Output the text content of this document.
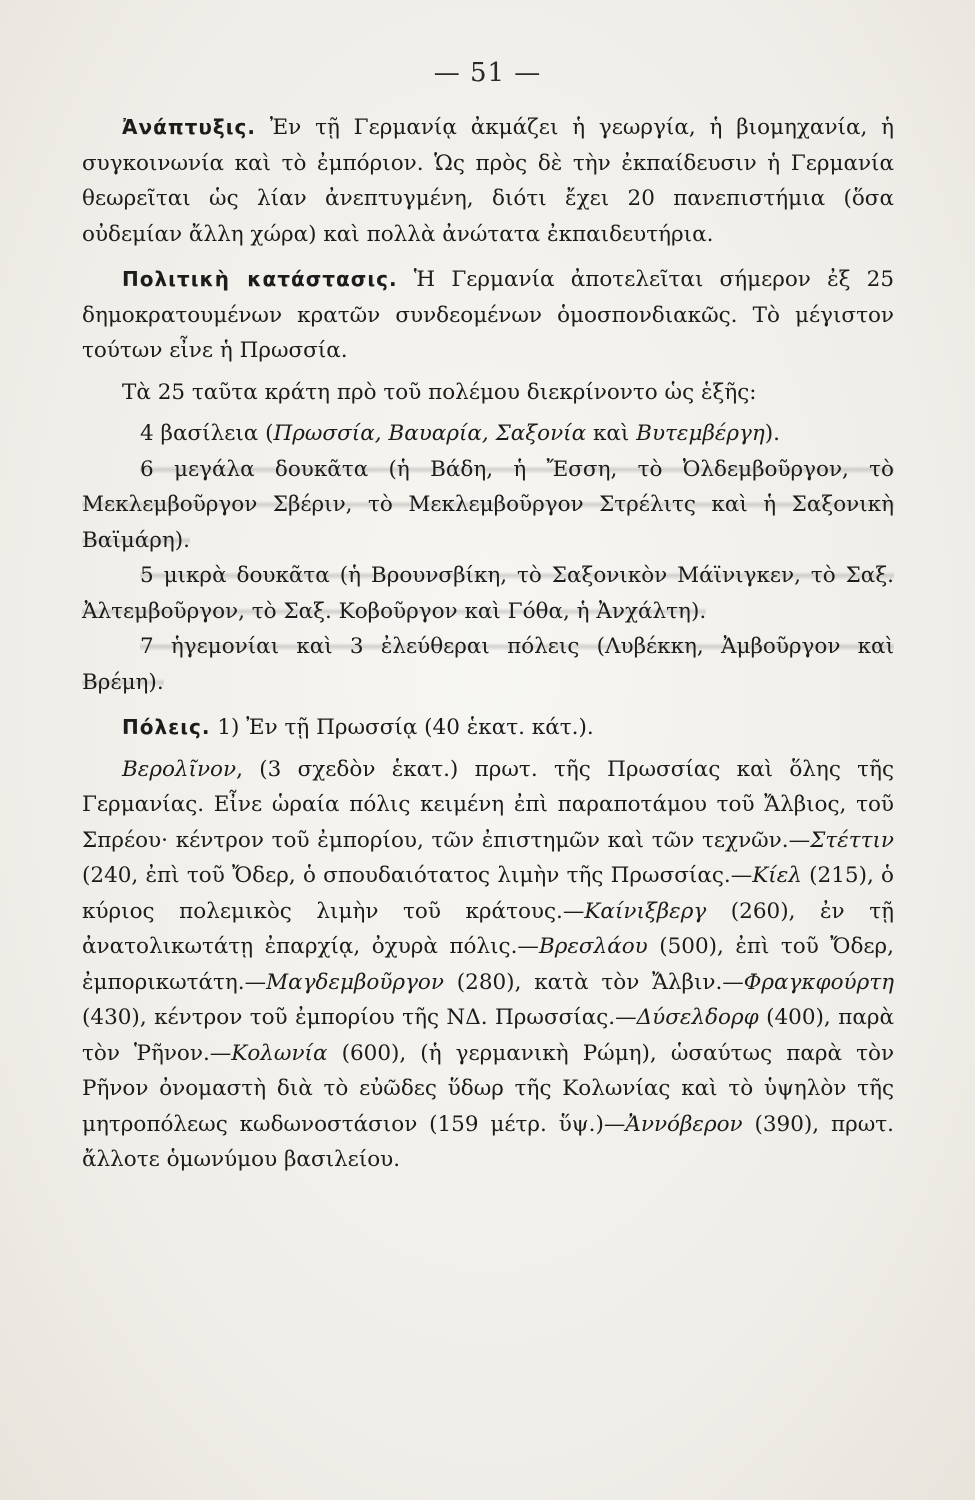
— 51 —

Ἀνάπτυξις. Ἐν τῇ Γερμανίᾳ ἀκμάζει ἡ γεωργία, ἡ βιομηχανία, ἡ συγκοινωνία καὶ τὸ ἐμπόριον. Ὡς πρὸς δὲ τὴν ἐκπαίδευσιν ἡ Γερμανία θεωρεῖται ὡς λίαν ἀνεπτυγμένη, διότι ἔχει 20 πανεπιστήμια (ὅσα οὐδεμίαν ἄλλη χώρα) καὶ πολλὰ ἀνώτατα ἐκπαιδευτήρια.

Πολιτικὴ κατάστασις. Ἡ Γερμανία ἀποτελεῖται σήμερον ἐξ 25 δημοκρατουμένων κρατῶν συνδεομένων ὁμοσπονδιακῶς. Τὸ μέγιστον τούτων εἶνε ἡ Πρωσσία.

Τὰ 25 ταῦτα κράτη πρὸ τοῦ πολέμου διεκρίνοντο ὡς ἑξῆς:

4 βασίλεια (Πρωσσία, Βαυαρία, Σαξονία καὶ Βυτεμβέργη).

6 μεγάλα δουκᾶτα (ἡ Βάδη, ἡ Ἔσση, τὸ Ὀλδεμβοῦργον, τὸ Μεκλεμβοῦργον Σβέριν, τὸ Μεκλεμβοῦργον Στρέλιτς καὶ ἡ Σαξονικὴ Βαϊμάρη).

5 μικρὰ δουκᾶτα (ἡ Βρουνσβίκη, τὸ Σαξονικὸν Μάϊνιγκεν, τὸ Σαξ. Ἀλτεμβοῦργον, τὸ Σαξ. Κοβοῦργον καὶ Γόθα, ἡ Ἀνχάλτη).

7 ἡγεμονίαι καὶ 3 ἐλεύθεραι πόλεις (Λυβέκκη, Ἀμβοῦργον καὶ Βρέμη).

Πόλεις. 1) Ἐν τῇ Πρωσσίᾳ (40 ἑκατ. κάτ.).

Βερολῖνον, (3 σχεδὸν ἑκατ.) πρωτ. τῆς Πρωσσίας καὶ ὅλης τῆς Γερμανίας. Εἶνε ὡραία πόλις κειμένη ἐπὶ παραποτάμου τοῦ Ἄλβιος, τοῦ Σπρέου· κέντρον τοῦ ἐμπορίου, τῶν ἐπιστημῶν καὶ τῶν τεχνῶν.—Στέττιν (240, ἐπὶ τοῦ Ὄδερ, ὁ σπουδαιότατος λιμὴν τῆς Πρωσσίας.—Κίελ (215), ὁ κύριος πολεμικὸς λιμὴν τοῦ κράτους.—Καίνιξβεργ (260), ἐν τῇ ἀνατολικωτάτῃ ἐπαρχίᾳ, ὀχυρὰ πόλις.—Βρεσλάου (500), ἐπὶ τοῦ Ὄδερ, ἐμπορικωτάτη.—Μαγδεμβοῦργον (280), κατὰ τὸν Ἄλβιν.—Φραγκφούρτη (430), κέντρον τοῦ ἐμπορίου τῆς ΝΔ. Πρωσσίας.—Δύσελδορφ (400), παρὰ τὸν Ῥῆνον.—Κολωνία (600), (ἡ γερμανικὴ Ρώμη), ὡσαύτως παρὰ τὸν Ρῆνον ὀνομαστὴ διὰ τὸ εὐῶδες ὕδωρ τῆς Κολωνίας καὶ τὸ ὑψηλὸν τῆς μητροπόλεως κωδωνοστάσιον (159 μέτρ. ὕψ.)—Ἀννόβερον (390), πρωτ. ἄλλοτε ὁμωνύμου βασιλείου.
